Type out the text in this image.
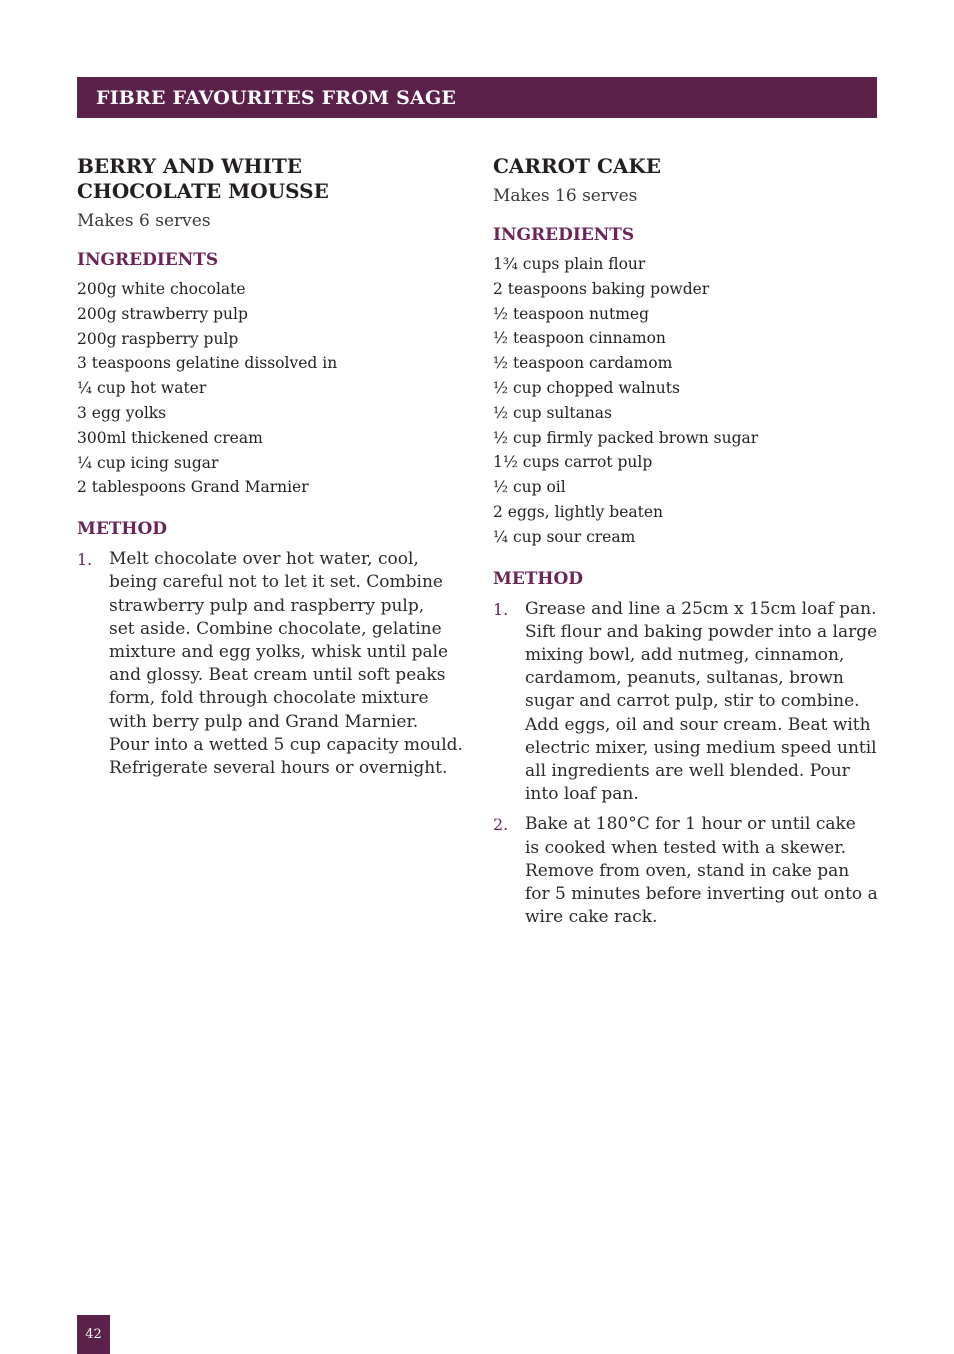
FIBRE FAVOURITES FROM SAGE
BERRY AND WHITE
CHOCOLATE MOUSSE

Makes 6 serves

INGREDIENTS
200g white chocolate
200g strawberry pulp
200g raspberry pulp
3 teaspoons gelatine dissolved in
¼ cup hot water
3 egg yolks
300ml thickened cream
¼ cup icing sugar
2 tablespoons Grand Marnier
METHOD
1. Melt chocolate over hot water, cool,
being careful not to let it set. Combine
strawberry pulp and raspberry pulp,
set aside. Combine chocolate, gelatine
mixture and egg yolks, whisk until pale
and glossy. Beat cream until soft peaks
form, fold through chocolate mixture
with berry pulp and Grand Marnier.
Pour into a wetted 5 cup capacity mould.
Refrigerate several hours or overnight.
CARROT CAKE

Makes 16 serves

INGREDIENTS
1¾ cups plain flour
2 teaspoons baking powder
½ teaspoon nutmeg
½ teaspoon cinnamon
½ teaspoon cardamom
½ cup chopped walnuts
½ cup sultanas
½ cup firmly packed brown sugar
1½ cups carrot pulp
½ cup oil
2 eggs, lightly beaten
¼ cup sour cream
METHOD
1. Grease and line a 25cm x 15cm loaf pan.
Sift flour and baking powder into a large
mixing bowl, add nutmeg, cinnamon,
cardamom, peanuts, sultanas, brown
sugar and carrot pulp, stir to combine.
Add eggs, oil and sour cream. Beat with
electric mixer, using medium speed until
all ingredients are well blended. Pour
into loaf pan.
2. Bake at 180°C for 1 hour or until cake
is cooked when tested with a skewer.
Remove from oven, stand in cake pan
for 5 minutes before inverting out onto a
wire cake rack.
42
